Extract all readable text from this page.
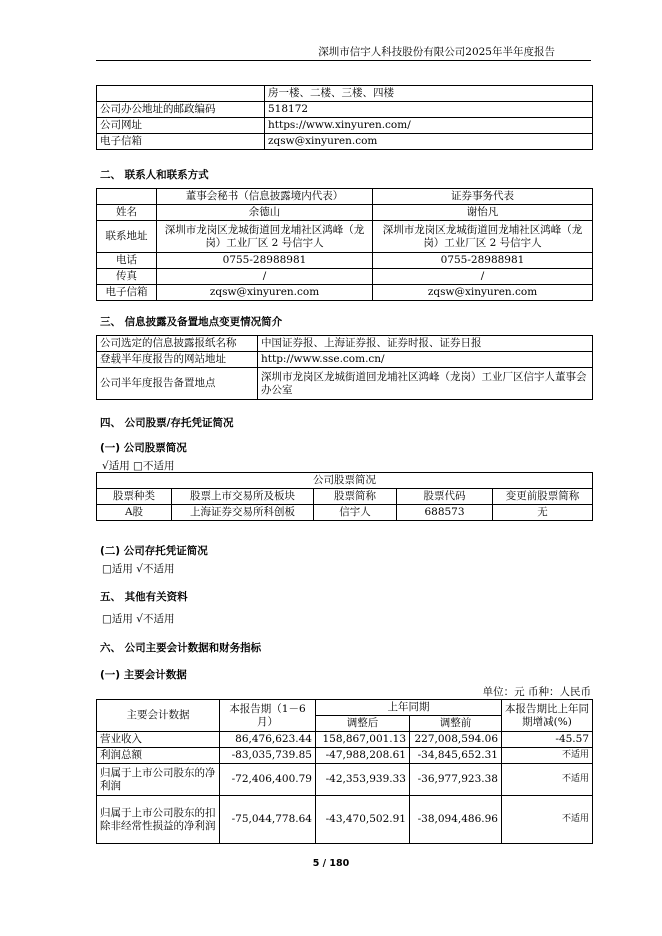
深圳市信宇人科技股份有限公司2025年半年度报告
	房一楼、二楼、三楼、四楼
公司办公地址的邮政编码	518172
公司网址	https://www.xinyuren.com/
电子信箱	zqsw@xinyuren.com
二、 联系人和联系方式
	董事会秘书（信息披露境内代表）	证券事务代表
姓名	余德山	谢怡凡
联系地址	深圳市龙岗区龙城街道回龙埔社区鸿峰（龙岗）工业厂区 2 号信宇人	深圳市龙岗区龙城街道回龙埔社区鸿峰（龙岗）工业厂区 2 号信宇人
电话	0755-28988981	0755-28988981
传真	/	/
电子信箱	zqsw@xinyuren.com	zqsw@xinyuren.com
三、 信息披露及备置地点变更情况简介
公司选定的信息披露报纸名称	中国证券报、上海证券报、证券时报、证券日报
登载半年度报告的网站地址	http://www.sse.com.cn/
公司半年度报告备置地点	深圳市龙岗区龙城街道回龙埔社区鸿峰（龙岗）工业厂区信宇人董事会办公室
四、 公司股票/存托凭证简况
(一) 公司股票简况
√适用 □不适用
公司股票简况				
股票种类	股票上市交易所及板块	股票简称	股票代码	变更前股票简称
A股	上海证券交易所科创板	信宇人	688573	无
(二) 公司存托凭证简况
□适用 √不适用
五、 其他有关资料
□适用 √不适用
六、 公司主要会计数据和财务指标
(一) 主要会计数据
单位：元 币种：人民币
主要会计数据	本报告期（1－6月）	上年同期		本报告期比上年同期增减(%)
		调整后	调整前	
营业收入	86,476,623.44	158,867,001.13	227,008,594.06	-45.57
利润总额	-83,035,739.85	-47,988,208.61	-34,845,652.31	不适用
归属于上市公司股东的净利润	-72,406,400.79	-42,353,939.33	-36,977,923.38	不适用
归属于上市公司股东的扣除非经常性损益的净利润	-75,044,778.64	-43,470,502.91	-38,094,486.96	不适用
5 / 180
